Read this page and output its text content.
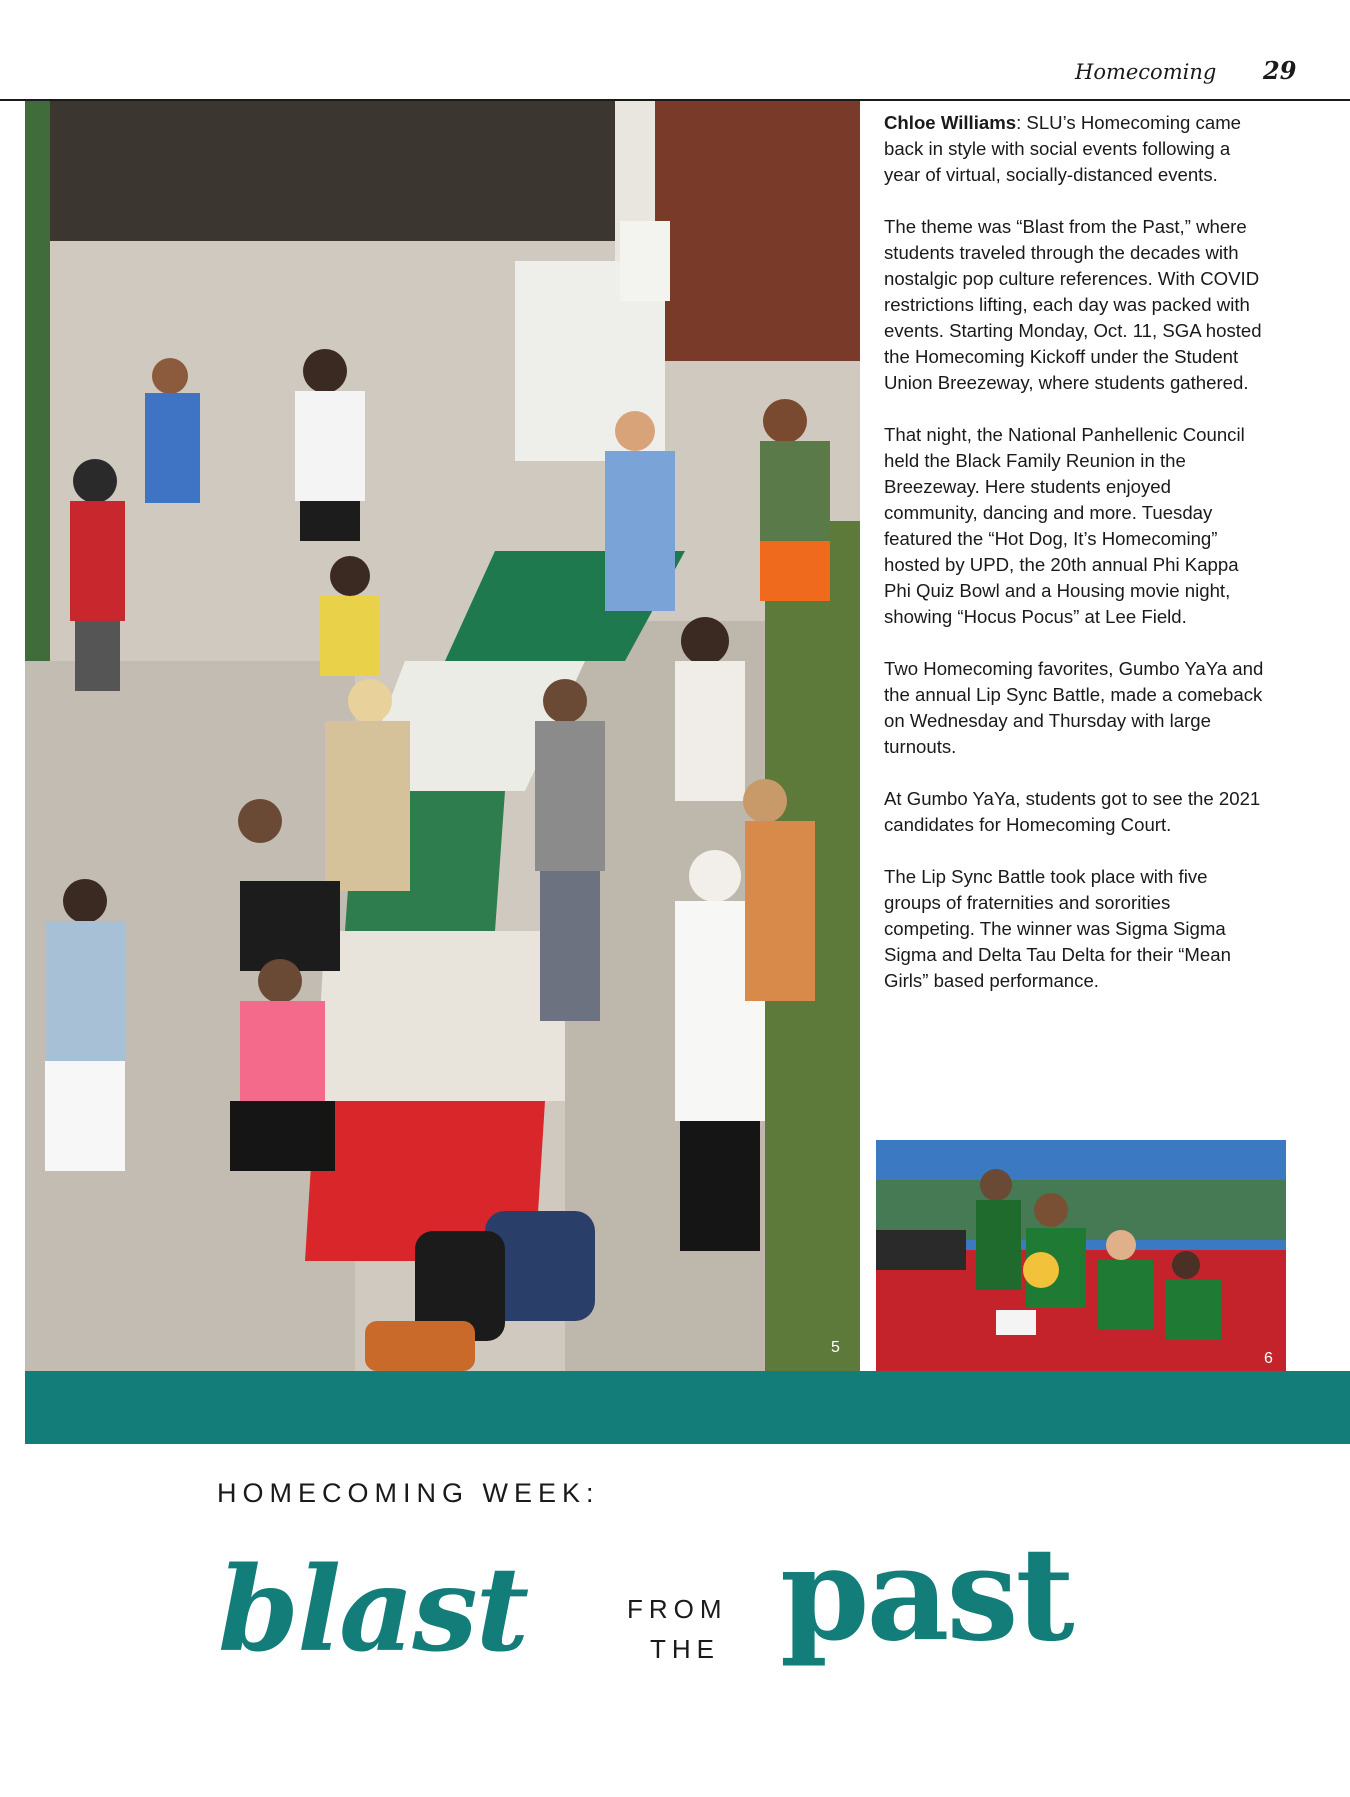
Homecoming 29
5

Chloe Williams: SLU’s Homecoming came back in style with social events following a year of virtual, socially-distanced events.

The theme was “Blast from the Past,” where students traveled through the decades with nostalgic pop culture references. With COVID restrictions lifting, each day was packed with events. Starting Monday, Oct. 11, SGA hosted the Homecoming Kickoff under the Student Union Breezeway, where students gathered.

That night, the National Panhellenic Council held the Black Family Reunion in the Breezeway. Here students enjoyed community, dancing and more. Tuesday featured the “Hot Dog, It’s Homecoming” hosted by UPD, the 20th annual Phi Kappa Phi Quiz Bowl and a Housing movie night, showing “Hocus Pocus” at Lee Field.

Two Homecoming favorites, Gumbo YaYa and the annual Lip Sync Battle, made a comeback on Wednesday and Thursday with large turnouts.

At Gumbo YaYa, students got to see the 2021 candidates for Homecoming Court.

The Lip Sync Battle took place with five groups of fraternities and sororities competing. The winner was Sigma Sigma Sigma and Delta Tau Delta for their “Mean Girls” based performance.

6
HOMECOMING WEEK:
blast	FROM
THE past
